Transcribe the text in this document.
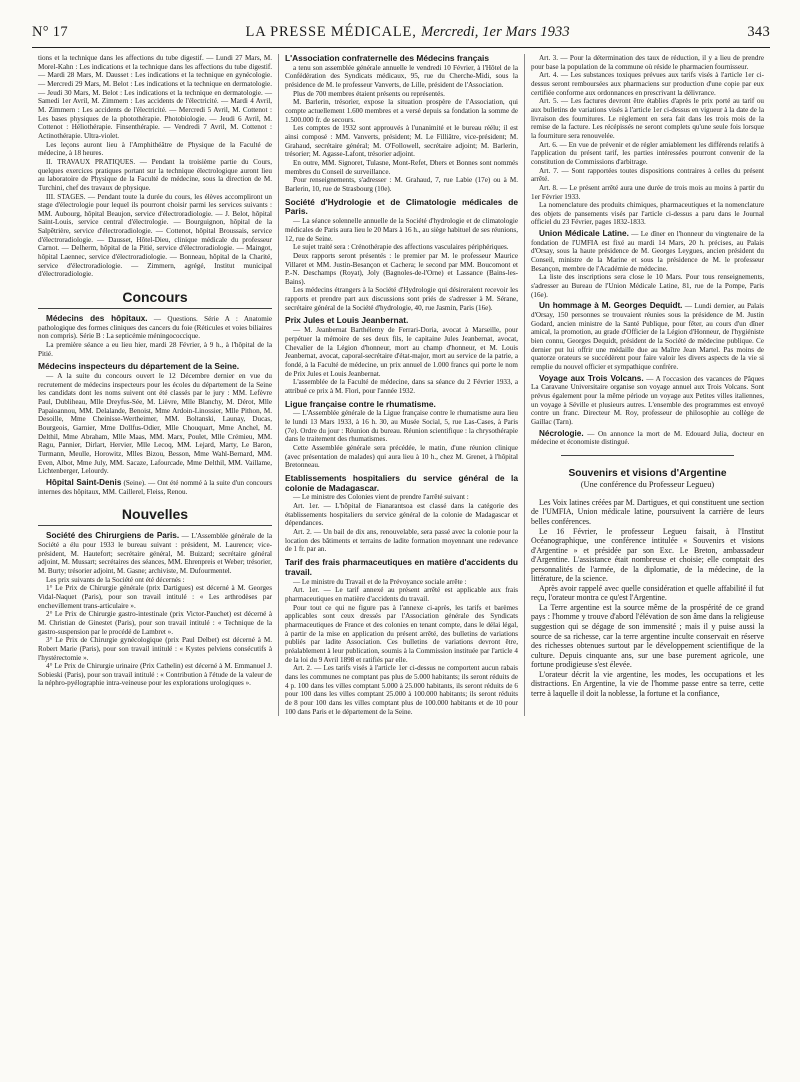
N° 17	LA PRESSE MÉDICALE, Mercredi, 1er Mars 1933	343

tions et la technique dans les affections du tube digestif. — Lundi 27 Mars, M. Morel-Kahn : Les indications et la technique dans les affections du tube digestif. — Mardi 28 Mars, M. Dausset : Les indications et la technique en gynécologie. — Mercredi 29 Mars, M. Belot : Les indications et la technique en dermatologie. — Jeudi 30 Mars, M. Belot : Les indications et la technique en dermatologie. — Samedi 1er Avril, M. Zimmern : Les accidents de l'électricité. — Mardi 4 Avril, M. Zimmern : Les accidents de l'électricité. — Mercredi 5 Avril, M. Cottenot : Les bases physiques de la photothérapie. Photobiologie. — Jeudi 6 Avril, M. Cottenot : Héliothérapie. Finsenthérapie. — Vendredi 7 Avril, M. Cottenot : Actinothérapie. Ultra-violet.

Les leçons auront lieu à l'Amphithéâtre de Physique de la Faculté de médecine, à 18 heures.

II. TRAVAUX PRATIQUES. — Pendant la troisième partie du Cours, quelques exercices pratiques portant sur la technique électrologique auront lieu au laboratoire de Physique de la Faculté de médecine, sous la direction de M. Turchini, chef des travaux de physique.

III. STAGES. — Pendant toute la durée du cours, les élèves accompliront un stage d'électrologie pour lequel ils pourront choisir parmi les services suivants : MM. Aubourg, hôpital Beaujon, service d'électroradiologie. — J. Belot, hôpital Saint-Louis, service central d'électrologie. — Bourguignon, hôpital de la Salpêtrière, service d'électroradiologie. — Cottenot, hôpital Broussais, service d'électroradiologie. — Dausset, Hôtel-Dieu, clinique médicale du professeur Carnot. — Delherm, hôpital de la Pitié, service d'électroradiologie. — Maingot, hôpital Laennec, service d'électroradiologie. — Bonneau, hôpital de la Charité, service d'électroradiologie. — Zimmern, agrégé, Institut municipal d'électroradiologie.

Concours

Médecins des hôpitaux. — Questions. Série A : Anatomie pathologique des formes cliniques des cancers du foie (Réticules et voies biliaires non compris). Série B : La septicémie méningococcique.

La première séance a eu lieu hier, mardi 28 Février, à 9 h., à l'hôpital de la Pitié.

Médecins inspecteurs du département de la Seine.

— A la suite du concours ouvert le 12 Décembre dernier en vue du recrutement de médecins inspecteurs pour les écoles du département de la Seine les candidats dont les noms suivent ont été classés par le jury : MM. Lefèvre Paul, Dubliheau, Mlle Dreyfus-Sée, M. Lièvre, Mlle Blanchy, M. Dérot, Mlle Papaioannou, MM. Delalande, Benoist, Mme Ardoin-Linossier, Mlle Pithon, M. Desoille, Mme Cheinisse-Wertheimer, MM. Boltanski, Launay, Ducas, Bourgeois, Garnier, Mme Dollfus-Odier, Mlle Chouquart, Mme Anchel, M. Delthil, Mme Abraham, Mlle Maas, MM. Marx, Poulet, Mlle Crémieu, MM. Ragu, Pannier, Dirlart, Hervier, Mlle Lecoq, MM. Lejard, Marty, Le Baron, Turmann, Meulle, Horowitz, Mlles Bizou, Besson, Mme Wahl-Bernard, MM. Even, Albot, Mme July, MM. Sacaze, Lafourcade, Mme Delthil, MM. Vaillame, Lichtenberger, Lelourdy.

Hôpital Saint-Denis (Seine). — Ont été nommé à la suite d'un concours internes des hôpitaux, MM. Caillerel, Fleiss, Renou.

Nouvelles

Société des Chirurgiens de Paris. — L'Assemblée générale de la Société a élu pour 1933 le bureau suivant : président, M. Laurence; vice-président, M. Hautefort; secrétaire général, M. Buizard; secrétaire général adjoint, M. Mussart; secrétaires des séances, MM. Ehrenpreis et Weber; trésorier, M. Burty; trésorier adjoint, M. Gasne; archiviste, M. Dufourmentel.

Les prix suivants de la Société ont été décernés :

1° Le Prix de Chirurgie générale (prix Dartigues) est décerné à M. Georges Vidal-Naquet (Paris), pour son travail intitulé : « Les arthrodèses par enchevillement trans-articulaire ».

2° Le Prix de Chirurgie gastro-intestinale (prix Victor-Pauchet) est décerné à M. Christian de Ginestet (Paris), pour son travail intitulé : « Technique de la gastro-suspension par le procédé de Lambret ».

3° Le Prix de Chirurgie gynécologique (prix Paul Delbet) est décerné à M. Robert Marie (Paris), pour son travail intitulé : « Kystes pelviens consécutifs à l'hystérectomie ».

4° Le Prix de Chirurgie urinaire (Prix Cathelin) est décerné à M. Emmanuel J. Sobieski (Paris), pour son travail intitulé : « Contribution à l'étude de la valeur de la néphro-pyélographie intra-veineuse pour les explorations urologiques ».

L'Association confraternelle des Médecins français

a tenu son assemblée générale annuelle le vendredi 10 Février, à l'Hôtel de la Confédération des Syndicats médicaux, 95, rue du Cherche-Midi, sous la présidence de M. le professeur Vanverts, de Lille, président de l'Association.

Plus de 700 membres étaient présents ou représentés.

M. Barlerin, trésorier, expose la situation prospère de l'Association, qui compte actuellement 1.600 membres et a versé depuis sa fondation la somme de 1.500.000 fr. de secours.

Les comptes de 1932 sont approuvés à l'unanimité et le bureau réélu; il est ainsi composé : MM. Vanverts, président; M. Le Filliâtre, vice-président; M. Grahaud, secrétaire général; M. O'Followell, secrétaire adjoint; M. Barlerin, trésorier; M. Agasse-Lafont, trésorier adjoint.

En outre, MM. Signoret, Tulasne, Mont-Refet, Dhers et Bonnes sont nommés membres du Conseil de surveillance.

Pour renseignements, s'adresser : M. Grahaud, 7, rue Labie (17e) ou à M. Barlerin, 10, rue de Strasbourg (10e).

Société d'Hydrologie et de Climatologie médicales de Paris.

— La séance solennelle annuelle de la Société d'hydrologie et de climatologie médicales de Paris aura lieu le 20 Mars à 16 h., au siège habituel de ses réunions, 12, rue de Seine.

Le sujet traité sera : Crénothérapie des affections vasculaires périphériques.

Deux rapports seront présentés : le premier par M. le professeur Maurice Villaret et MM. Justin-Besançon et Cachera; le second par MM. Boucomont et P.-N. Deschamps (Royat), Joly (Bagnoles-de-l'Orne) et Lassance (Bains-les-Bains).

Les médecins étrangers à la Société d'Hydrologie qui désireraient recevoir les rapports et prendre part aux discussions sont priés de s'adresser à M. Sérane, secrétaire général de la Société d'hydrologie, 40, rue Jasmin, Paris (16e).

Prix Jules et Louis Jeanbernat.

— M. Jeanbernat Barthélemy de Ferrari-Doria, avocat à Marseille, pour perpétuer la mémoire de ses deux fils, le capitaine Jules Jeanbernat, avocat, Chevalier de la Légion d'honneur, mort au champ d'honneur, et M. Louis Jeanbernat, avocat, caporal-secrétaire d'état-major, mort au service de la patrie, a fondé, à la Faculté de médecine, un prix annuel de 1.000 francs qui porte le nom de Prix Jules et Louis Jeanbernat.

L'assemblée de la Faculté de médecine, dans sa séance du 2 Février 1933, a attribué ce prix à M. Flori, pour l'année 1932.

Ligue française contre le rhumatisme.

— L'Assemblée générale de la Ligue française contre le rhumatisme aura lieu le lundi 13 Mars 1933, à 16 h. 30, au Musée Social, 5, rue Las-Cases, à Paris (7e). Ordre du jour : Réunion du bureau. Réunion scientifique : la chrysothérapie dans le traitement des rhumatismes.

Cette Assemblée générale sera précédée, le matin, d'une réunion clinique (avec présentation de malades) qui aura lieu à 10 h., chez M. Grenet, à l'hôpital Bretonneau.

Etablissements hospitaliers du service général de la colonie de Madagascar.

— Le ministre des Colonies vient de prendre l'arrêté suivant :

Art. 1er. — L'hôpital de Fianarantsoa est classé dans la catégorie des établissements hospitaliers du service général de la colonie de Madagascar et dépendances.

Art. 2. — Un bail de dix ans, renouvelable, sera passé avec la colonie pour la location des bâtiments et terrains de ladite formation moyennant une redevance de 1 fr. par an.

Tarif des frais pharmaceutiques en matière d'accidents du travail.

— Le ministre du Travail et de la Prévoyance sociale arrête :

Art. 1er. — Le tarif annexé au présent arrêté est applicable aux frais pharmaceutiques en matière d'accidents du travail.

Pour tout ce qui ne figure pas à l'annexe ci-après, les tarifs et barèmes applicables sont ceux dressés par l'Association générale des Syndicats pharmaceutiques de France et des colonies en tenant compte, dans le délai légal, à partir de la mise en application du présent arrêté, des bulletins de variations publiés par ladite Association. Ces bulletins de variations devront être, préalablement à leur publication, soumis à la Commission instituée par l'article 4 de la loi du 9 Avril 1898 et ratifiés par elle.

Art. 2. — Les tarifs visés à l'article 1er ci-dessus ne comportent aucun rabais dans les communes ne comptant pas plus de 5.000 habitants; ils seront réduits de 4 p. 100 dans les villes comptant 5.000 à 25.000 habitants, ils seront réduits de 6 pour 100 dans les villes comptant 25.000 à 100.000 habitants; ils seront réduits de 8 pour 100 dans les villes comptant plus de 100.000 habitants et de 10 pour 100 dans Paris et le département de la Seine.

Art. 3. — Pour la détermination des taux de réduction, il y a lieu de prendre pour base la population de la commune où réside le pharmacien fournisseur.

Art. 4. — Les substances toxiques prévues aux tarifs visés à l'article 1er ci-dessus seront remboursées aux pharmaciens sur production d'une copie par eux certifiée conforme aux ordonnances en prescrivant la délivrance.

Art. 5. — Les factures devront être établies d'après le prix porté au tarif ou aux bulletins de variations visés à l'article 1er ci-dessus en vigueur à la date de la livraison des fournitures. Le règlement en sera fait dans les trois mois de la remise de la facture. Les récépissés ne seront complets qu'une seule fois lorsque la fourniture sera renouvelée.

Art. 6. — En vue de prévenir et de régler amiablement les différends relatifs à l'application du présent tarif, les parties intéressées pourront convenir de la constitution de Commissions d'arbitrage.

Art. 7. — Sont rapportées toutes dispositions contraires à celles du présent arrêté.

Art. 8. — Le présent arrêté aura une durée de trois mois au moins à partir du 1er Février 1933.

La nomenclature des produits chimiques, pharmaceutiques et la nomenclature des objets de pansements visés par l'article ci-dessus a paru dans le Journal officiel du 23 Février, pages 1832-1833.

Union Médicale Latine. — Le dîner en l'honneur du vingtenaire de la fondation de l'UMFIA est fixé au mardi 14 Mars, 20 h. précises, au Palais d'Orsay, sous la haute présidence de M. Georges Leygues, ancien président du Conseil, ministre de la Marine et sous la présidence de M. le professeur Besançon, membre de l'Académie de médecine.

La liste des inscriptions sera close le 10 Mars. Pour tous renseignements, s'adresser au Bureau de l'Union Médicale Latine, 81, rue de la Pompe, Paris (16e).

Un hommage à M. Georges Dequidt. — Lundi dernier, au Palais d'Orsay, 150 personnes se trouvaient réunies sous la présidence de M. Justin Godard, ancien ministre de la Santé Publique, pour fêter, au cours d'un dîner amical, la promotion, au grade d'Officier de la Légion d'Honneur, de l'hygiéniste bien connu, Georges Dequidt, président de la Société de médecine publique. Ce dernier put lui offrir une médaille due au Maître Jean Martel. Pas moins de quatorze orateurs se succédèrent pour faire valoir les divers aspects de la vie si remplie du nouvel officier et sympathique confrère.

Voyage aux Trois Volcans. — A l'occasion des vacances de Pâques La Caravane Universitaire organise son voyage annuel aux Trois Volcans. Sont prévus également pour la même période un voyage aux Petites villes italiennes, un voyage à Séville et plusieurs autres. L'ensemble des programmes est envoyé contre un franc. Directeur M. Roy, professeur de philosophie au collège de Gaillac (Tarn).

Nécrologie. — On annonce la mort de M. Edouard Julia, docteur en médecine et économiste distingué.

Souvenirs et visions d'Argentine
(Une conférence du Professeur Legueu)

Les Voix latines créées par M. Dartigues, et qui constituent une section de l'UMFIA, Union médicale latine, poursuivent la carrière de leurs belles conférences.

Le 16 Février, le professeur Legueu faisait, à l'Institut Océanographique, une conférence intitulée « Souvenirs et visions d'Argentine » et présidée par son Exc. Le Breton, ambassadeur d'Argentine. L'assistance était nombreuse et choisie; elle comptait des personnalités de l'armée, de la diplomatie, de la médecine, de la littérature, de la science.

Après avoir rappelé avec quelle considération et quelle affabilité il fut reçu, l'orateur montra ce qu'est l'Argentine.

La Terre argentine est la source même de la prospérité de ce grand pays : l'homme y trouve d'abord l'élévation de son âme dans la religieuse suggestion qui se dégage de son immensité ; mais il y puise aussi la source de sa richesse, car la terre argentine inculte conservait en réserve des richesses obtenues surtout par le développement scientifique de la culture. Depuis cinquante ans, sur une base purement agricole, une fortune prodigieuse s'est élevée.

L'orateur décrit la vie argentine, les modes, les occupations et les distractions. En Argentine, la vie de l'homme passe entre sa terre, cette terre à laquelle il doit la noblesse, la fortune et la confiance,
